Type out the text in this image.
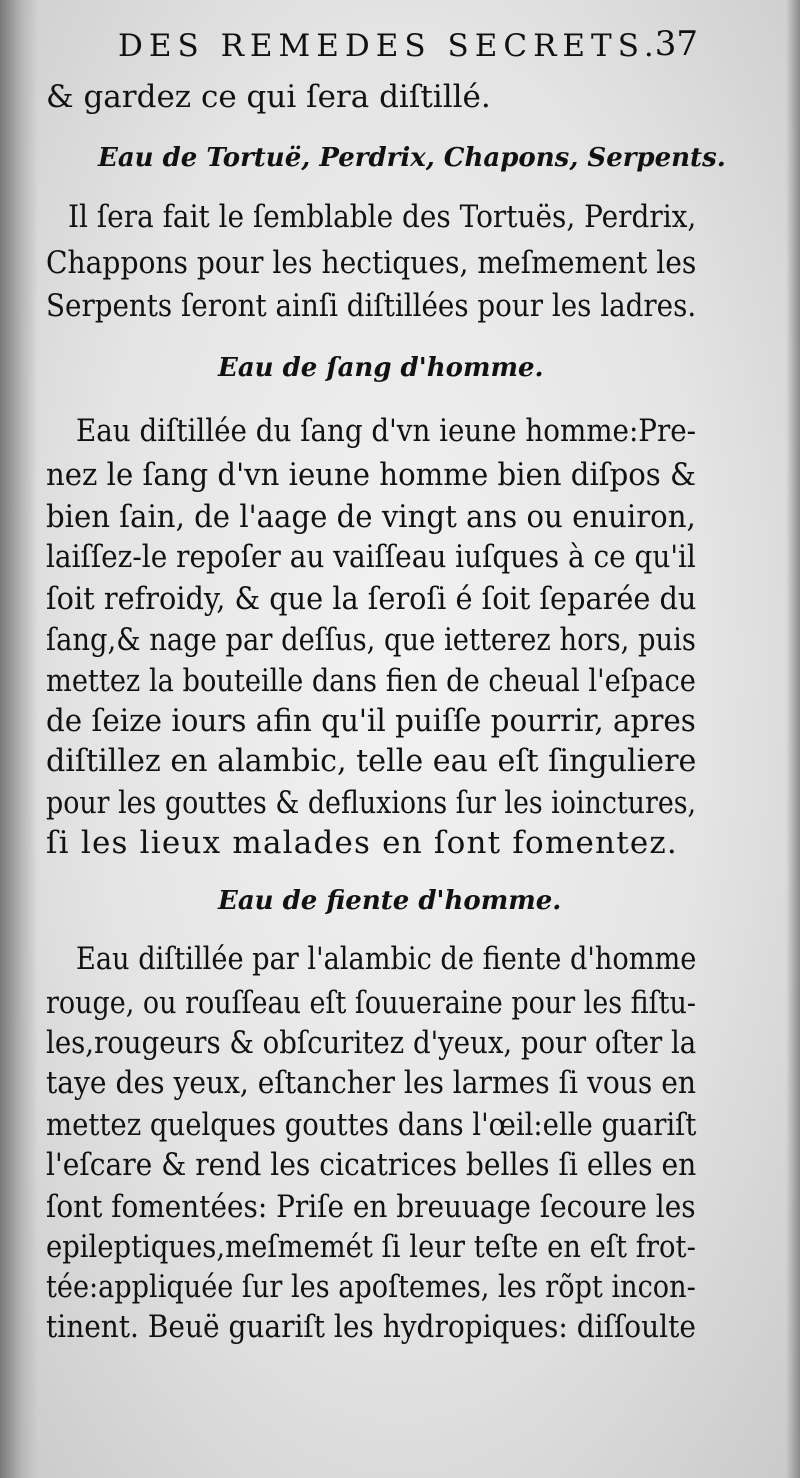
DES REMEDES SECRETS.
37
& gardez ce qui ſera diſtillé.
Eau de Tortuë, Perdrix, Chapons, Serpents.
Il ſera fait le ſemblable des Tortuës, Perdrix,
Chappons pour les hectiques, meſmement les
Serpents ſeront ainſi diſtillées pour les ladres.
Eau de ſang d'homme.
Eau diſtillée du ſang d'vn ieune homme:Pre-
nez le ſang d'vn ieune homme bien diſpos &
bien ſain, de l'aage de vingt ans ou enuiron,
laiſſez-le repoſer au vaiſſeau iuſques à ce qu'il
ſoit refroidy, & que la ſeroſi é ſoit ſeparée du
ſang,& nage par deſſus, que ietterez hors, puis
mettez la bouteille dans fien de cheual l'eſpace
de ſeize iours afin qu'il puiſſe pourrir, apres
diſtillez en alambic, telle eau eſt ſinguliere
pour les gouttes & defluxions ſur les ioinctures,
ſi les lieux malades en ſont fomentez.
Eau de fiente d'homme.
Eau diſtillée par l'alambic de fiente d'homme
rouge, ou rouſſeau eſt ſouueraine pour les fiſtu-
les,rougeurs & obſcuritez d'yeux, pour oſter la
taye des yeux, eſtancher les larmes ſi vous en
mettez quelques gouttes dans l'œil:elle guariſt
l'eſcare & rend les cicatrices belles ſi elles en
ſont fomentées: Priſe en breuuage ſecoure les
epileptiques,meſmemét ſi leur teſte en eſt frot-
tée:appliquée ſur les apoſtemes, les rõpt incon-
tinent. Beuë guariſt les hydropiques: diſſoulte
